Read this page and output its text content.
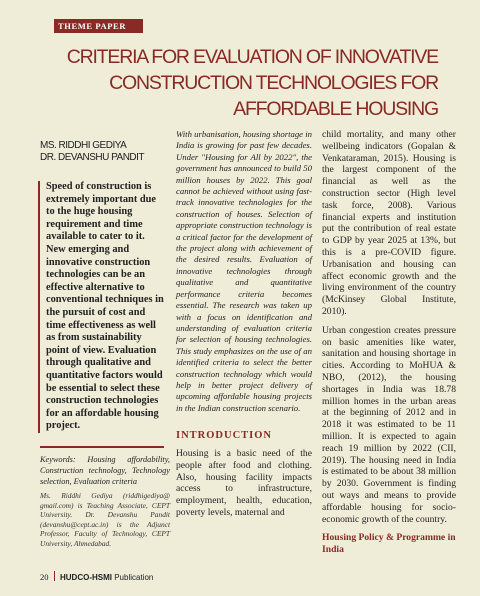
THEME PAPER
CRITERIA FOR EVALUATION OF INNOVATIVE
CONSTRUCTION TECHNOLOGIES FOR
AFFORDABLE HOUSING
MS. RIDDHI GEDIYA
DR. DEVANSHU PANDIT
Speed of construction is extremely important due to the huge housing requirement and time available to cater to it. New emerging and innovative construction technologies can be an effective alternative to conventional techniques in the pursuit of cost and time effectiveness as well as from sustainability point of view. Evaluation through qualitative and quantitative factors would be essential to select these construction technologies for an affordable housing project.
Keywords: Housing affordability, Construction technology, Technology selection, Evaluation criteria
Ms. Riddhi Gediya (riddhigediya@ gmail.com) is Teaching Associate, CEPT University. Dr. Devanshu Pandit (devanshu@cept.ac.in) is the Adjunct Professor, Faculty of Technology, CEPT University, Ahmedabad.
With urbanisation, housing shortage in India is growing for past few decades. Under "Housing for All by 2022", the government has announced to build 50 million houses by 2022. This goal cannot be achieved without using fast-track innovative technologies for the construction of houses. Selection of appropriate construction technology is a critical factor for the development of the project along with achievement of the desired results. Evaluation of innovative technologies through qualitative and quantitative performance criteria becomes essential. The research was taken up with a focus on identification and understanding of evaluation criteria for selection of housing technologies. This study emphasizes on the use of an identified criteria to select the better construction technology which would help in better project delivery of upcoming affordable housing projects in the Indian construction scenario.
INTRODUCTION
Housing is a basic need of the people after food and clothing. Also, housing facility impacts access to infrastructure, employment, health, education, poverty levels, maternal and

child mortality, and many other wellbeing indicators (Gopalan & Venkataraman, 2015). Housing is the largest component of the financial as well as the construction sector (High level task force, 2008). Various financial experts and institution put the contribution of real estate to GDP by year 2025 at 13%, but this is a pre-COVID figure. Urbanisation and housing can affect economic growth and the living environment of the country (McKinsey Global Institute, 2010).

Urban congestion creates pressure on basic amenities like water, sanitation and housing shortage in cities. According to MoHUA & NBO, (2012), the housing shortages in India was 18.78 million homes in the urban areas at the beginning of 2012 and in 2018 it was estimated to be 11 million. It is expected to again reach 19 million by 2022 (CII, 2019). The housing need in India is estimated to be about 38 million by 2030. Government is finding out ways and means to provide affordable housing for socio-economic growth of the country.

Housing Policy & Programme in India
20 HUDCO-HSMI Publication
